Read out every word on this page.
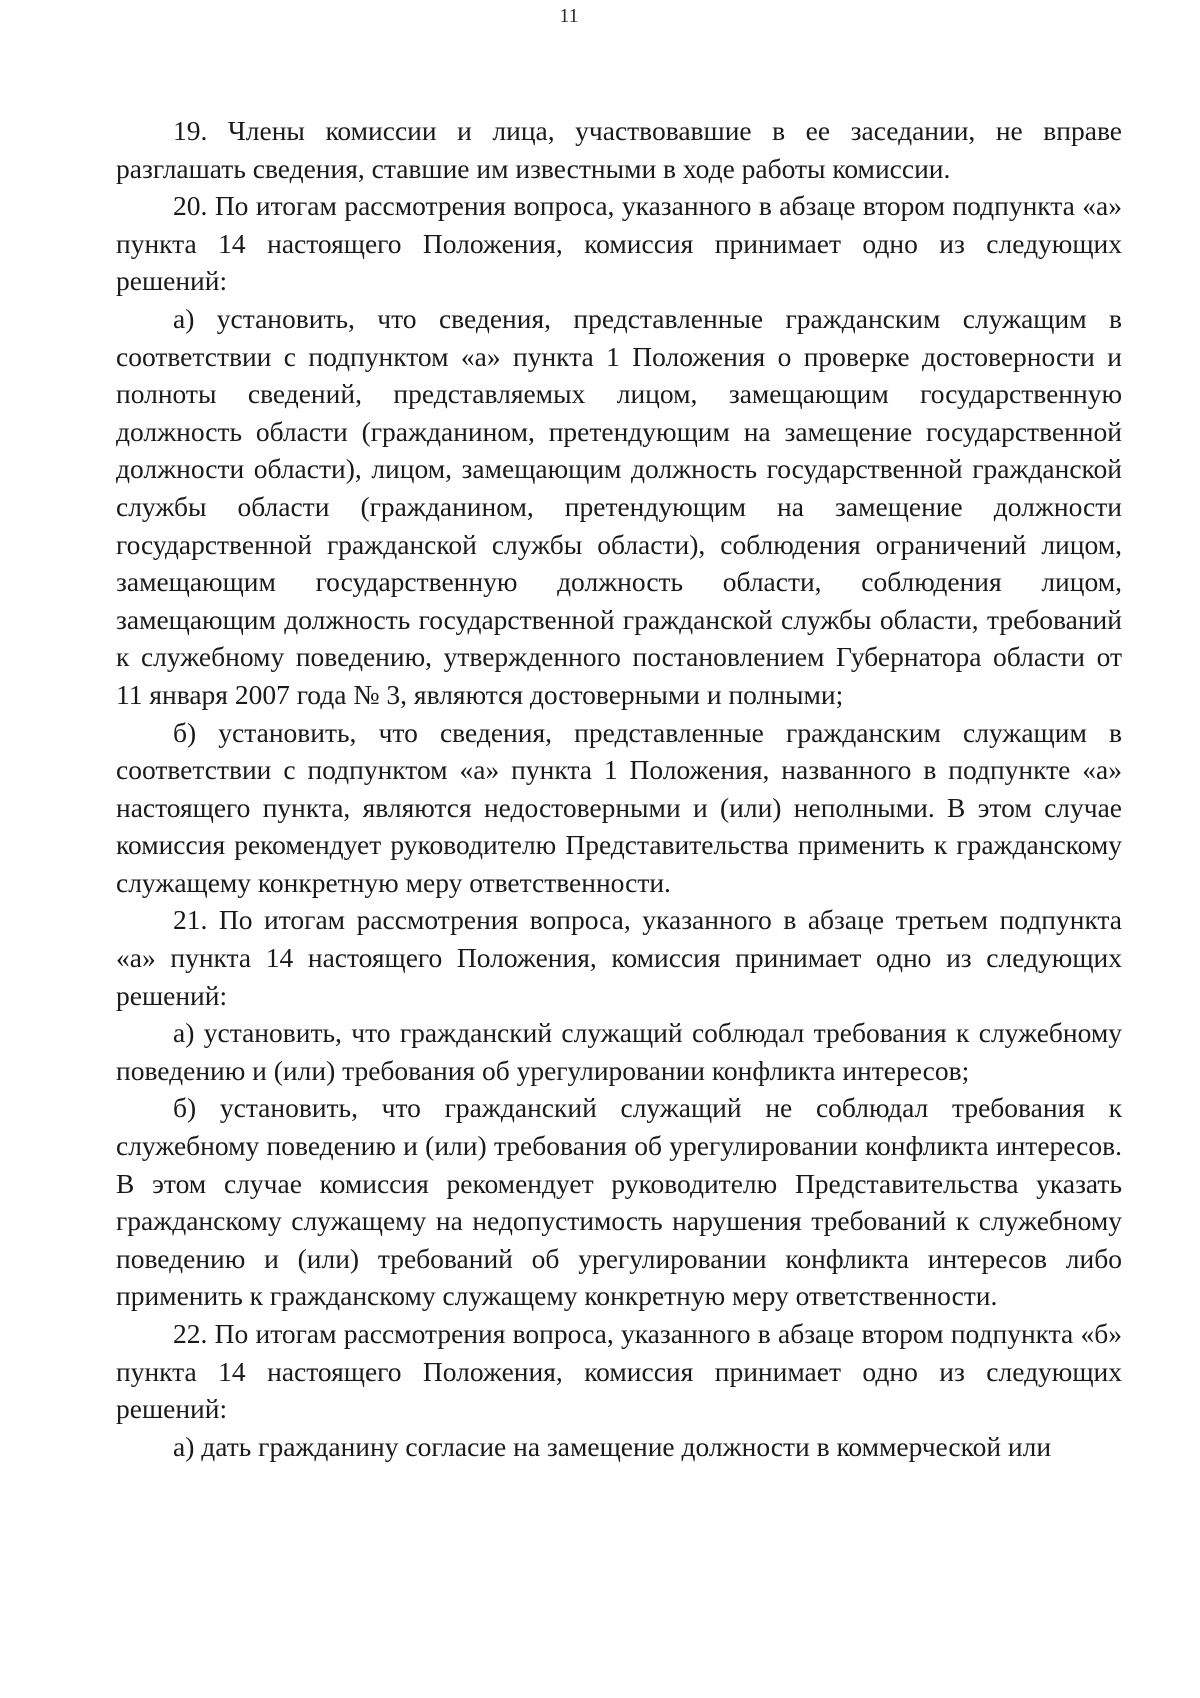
11

19. Члены комиссии и лица, участвовавшие в ее заседании, не вправе разглашать сведения, ставшие им известными в ходе работы комиссии.

20. По итогам рассмотрения вопроса, указанного в абзаце втором подпункта «а» пункта 14 настоящего Положения, комиссия принимает одно из следующих решений:

а) установить, что сведения, представленные гражданским служащим в соответствии с подпунктом «а» пункта 1 Положения о проверке достоверности и полноты сведений, представляемых лицом, замещающим государственную должность области (гражданином, претендующим на замещение государственной должности области), лицом, замещающим должность государственной гражданской службы области (гражданином, претендующим на замещение должности государственной гражданской службы области), соблюдения ограничений лицом, замещающим государственную должность области, соблюдения лицом, замещающим должность государственной гражданской службы области, требований к служебному поведению, утвержденного постановлением Губернатора области от 11 января 2007 года № 3, являются достоверными и полными;

б) установить, что сведения, представленные гражданским служащим в соответствии с подпунктом «а» пункта 1 Положения, названного в подпункте «а» настоящего пункта, являются недостоверными и (или) неполными. В этом случае комиссия рекомендует руководителю Представительства применить к гражданскому служащему конкретную меру ответственности.

21. По итогам рассмотрения вопроса, указанного в абзаце третьем подпункта «а» пункта 14 настоящего Положения, комиссия принимает одно из следующих решений:

а) установить, что гражданский служащий соблюдал требования к служебному поведению и (или) требования об урегулировании конфликта интересов;

б) установить, что гражданский служащий не соблюдал требования к служебному поведению и (или) требования об урегулировании конфликта интересов. В этом случае комиссия рекомендует руководителю Представительства указать гражданскому служащему на недопустимость нарушения требований к служебному поведению и (или) требований об урегулировании конфликта интересов либо применить к гражданскому служащему конкретную меру ответственности.

22. По итогам рассмотрения вопроса, указанного в абзаце втором подпункта «б» пункта 14 настоящего Положения, комиссия принимает одно из следующих решений:

а) дать гражданину согласие на замещение должности в коммерческой или
